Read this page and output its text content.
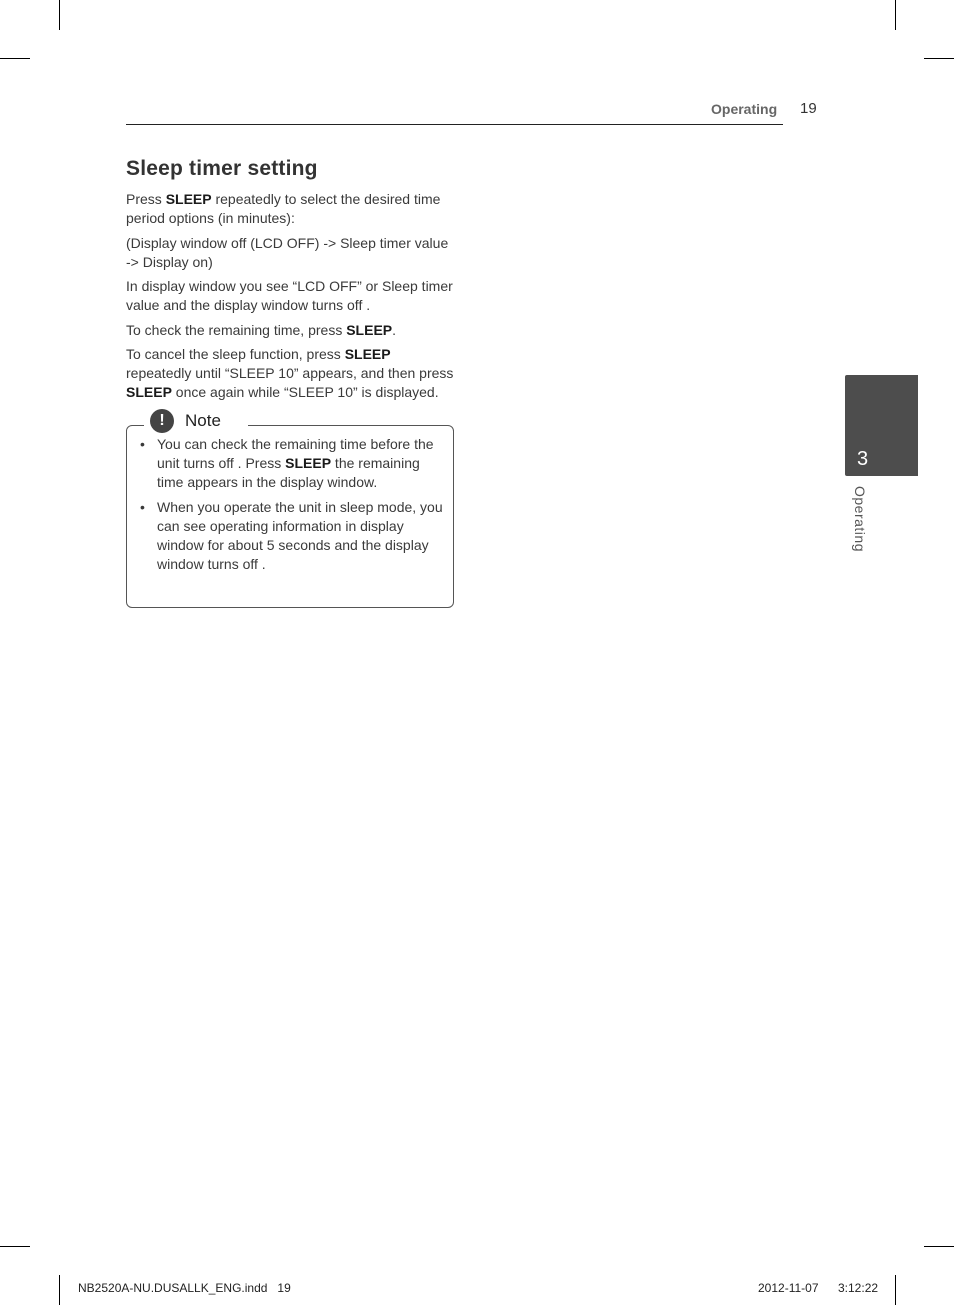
Operating 19
Sleep timer setting

Press SLEEP repeatedly to select the desired time period options (in minutes):

(Display window off (LCD OFF) -> Sleep timer value -> Display on)

In display window you see “LCD OFF” or Sleep timer value and the display window turns off .

To check the remaining time, press SLEEP.

To cancel the sleep function, press SLEEP repeatedly until “SLEEP 10” appears, and then press SLEEP once again while “SLEEP 10” is displayed.

!	Note
• You can check the remaining time before the unit turns off . Press SLEEP the remaining time appears in the display window.
• When you operate the unit in sleep mode, you can see operating information in display window for about 5 seconds and the display window turns off .
3
Operating
NB2520A-NU.DUSALLK_ENG.indd   19	2012-11-07 3:12:22
